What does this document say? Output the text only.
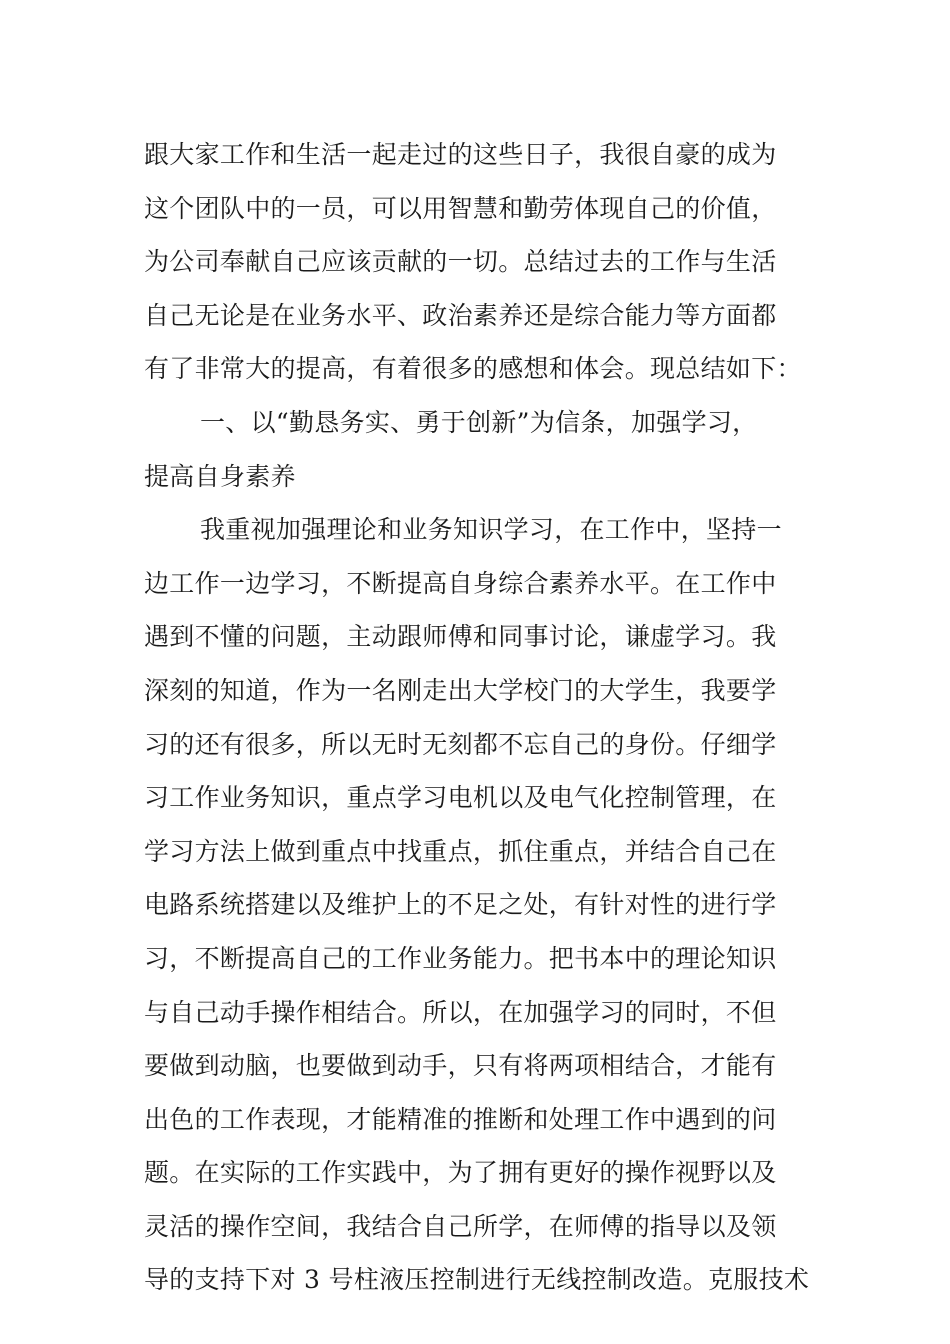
跟大家工作和生活一起走过的这些日子，我很自豪的成为
这个团队中的一员，可以用智慧和勤劳体现自己的价值，
为公司奉献自己应该贡献的一切。总结过去的工作与生活
自己无论是在业务水平、政治素养还是综合能力等方面都
有了非常大的提高，有着很多的感想和体会。现总结如下：
一、以“勤恳务实、勇于创新”为信条，加强学习，
提高自身素养
我重视加强理论和业务知识学习，在工作中，坚持一
边工作一边学习，不断提高自身综合素养水平。在工作中
遇到不懂的问题，主动跟师傅和同事讨论，谦虚学习。我
深刻的知道，作为一名刚走出大学校门的大学生，我要学
习的还有很多，所以无时无刻都不忘自己的身份。仔细学
习工作业务知识，重点学习电机以及电气化控制管理，在
学习方法上做到重点中找重点，抓住重点，并结合自己在
电路系统搭建以及维护上的不足之处，有针对性的进行学
习，不断提高自己的工作业务能力。把书本中的理论知识
与自己动手操作相结合。所以，在加强学习的同时，不但
要做到动脑，也要做到动手，只有将两项相结合，才能有
出色的工作表现，才能精准的推断和处理工作中遇到的问
题。在实际的工作实践中，为了拥有更好的操作视野以及
灵活的操作空间，我结合自己所学，在师傅的指导以及领
导的支持下对 3 号柱液压控制进行无线控制改造。克服技术
